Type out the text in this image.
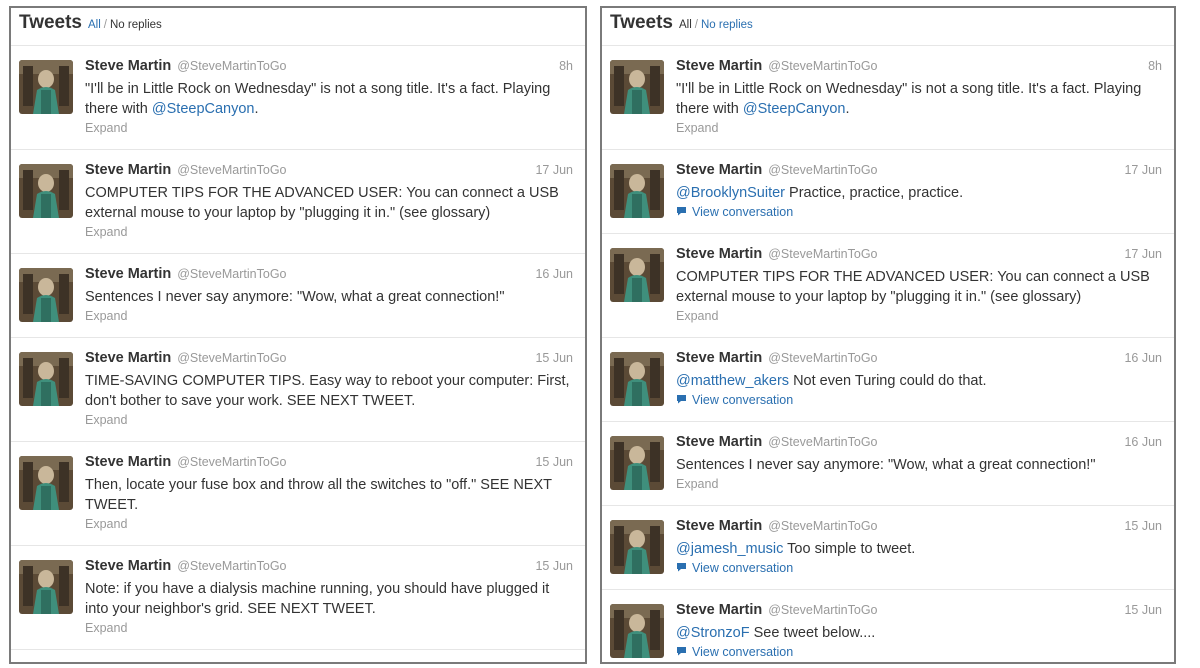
Tweets All / No replies
Steve Martin @SteveMartinToGo	8h
"I'll be in Little Rock on Wednesday" is not a song title. It's a fact. Playing there with @SteepCanyon.
Expand
Steve Martin @SteveMartinToGo	17 Jun
COMPUTER TIPS FOR THE ADVANCED USER: You can connect a USB external mouse to your laptop by "plugging it in." (see glossary)
Expand
Steve Martin @SteveMartinToGo	16 Jun
Sentences I never say anymore: "Wow, what a great connection!"
Expand
Steve Martin @SteveMartinToGo	15 Jun
TIME-SAVING COMPUTER TIPS. Easy way to reboot your computer: First, don't bother to save your work. SEE NEXT TWEET.
Expand
Steve Martin @SteveMartinToGo	15 Jun
Then, locate your fuse box and throw all the switches to "off." SEE NEXT TWEET.
Expand
Steve Martin @SteveMartinToGo	15 Jun
Note: if you have a dialysis machine running, you should have plugged it into your neighbor's grid. SEE NEXT TWEET.
Expand
Tweets All / No replies
Steve Martin @SteveMartinToGo	8h
"I'll be in Little Rock on Wednesday" is not a song title. It's a fact. Playing there with @SteepCanyon.
Expand
Steve Martin @SteveMartinToGo	17 Jun
@BrooklynSuiter Practice, practice, practice.
View conversation
Steve Martin @SteveMartinToGo	17 Jun
COMPUTER TIPS FOR THE ADVANCED USER: You can connect a USB external mouse to your laptop by "plugging it in." (see glossary)
Expand
Steve Martin @SteveMartinToGo	16 Jun
@matthew_akers Not even Turing could do that.
View conversation
Steve Martin @SteveMartinToGo	16 Jun
Sentences I never say anymore: "Wow, what a great connection!"
Expand
Steve Martin @SteveMartinToGo	15 Jun
@jamesh_music Too simple to tweet.
View conversation
Steve Martin @SteveMartinToGo	15 Jun
@StronzoF See tweet below....
View conversation
